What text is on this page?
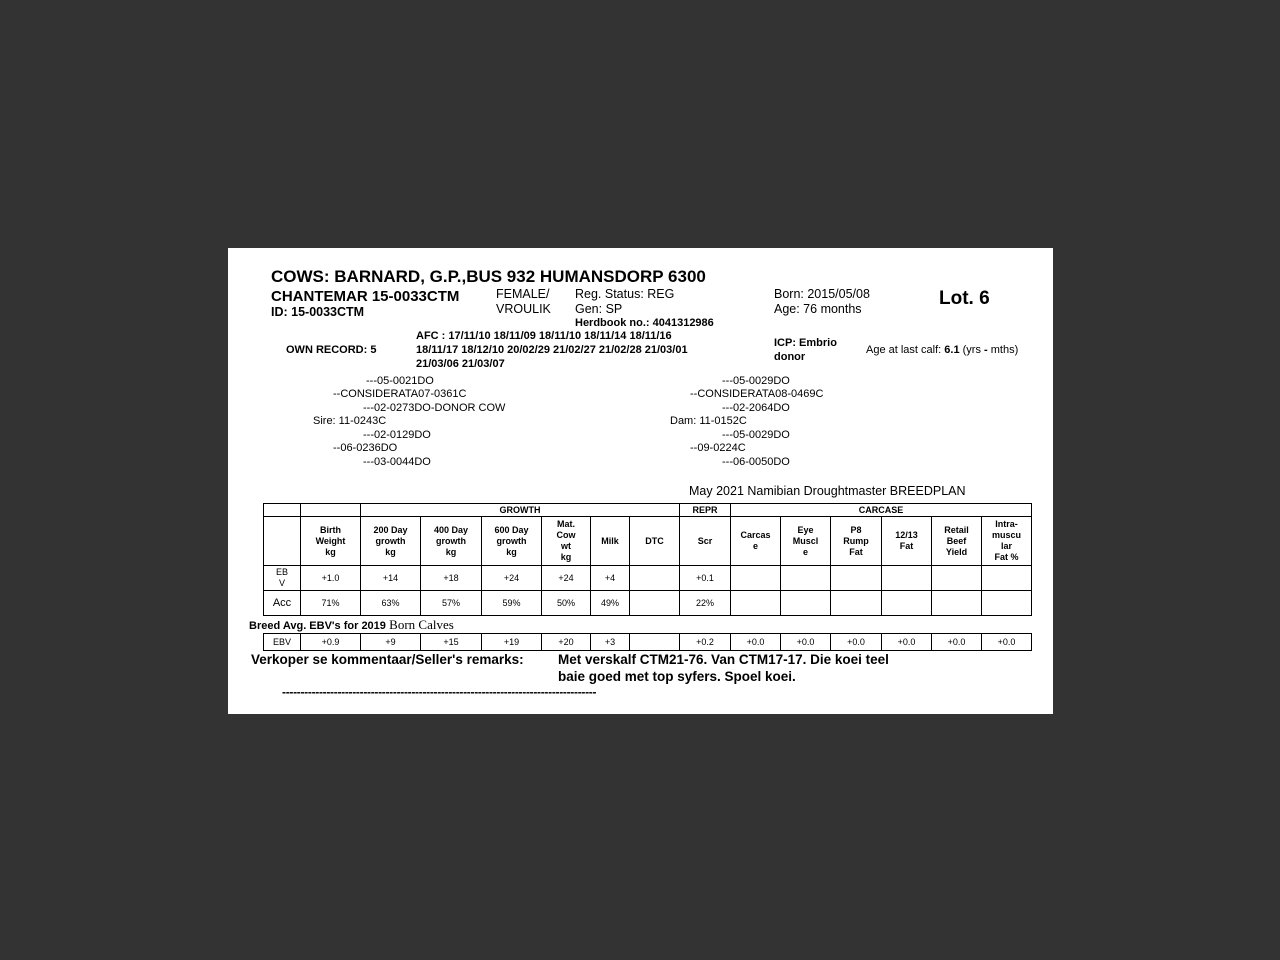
COWS: BARNARD, G.P.,BUS 932 HUMANSDORP 6300
CHANTEMAR 15-0033CTM
ID: 15-0033CTM
FEMALE/
VROULIK
Reg. Status: REG
Gen: SP
Herdbook no.: 4041312986
Born: 2015/05/08
Age: 76 months	Lot. 6
OWN RECORD: 5
AFC : 17/11/10 18/11/09 18/11/10 18/11/14 18/11/16
18/11/17 18/12/10 20/02/29 21/02/27 21/02/28 21/03/01
21/03/06 21/03/07
ICP: Embrio
donor
Age at last calf: 6.1 (yrs - mths)
---05-0021DO
--CONSIDERATA07-0361C
---02-0273DO-DONOR COW
Sire: 11-0243C
---02-0129DO
--06-0236DO
---03-0044DO
---05-0029DO
--CONSIDERATA08-0469C
---02-2064DO
Dam: 11-0152C
---05-0029DO
--09-0224C
---06-0050DO
May 2021 Namibian Droughtmaster BREEDPLAN
		GROWTH						REPR	CARCASE					
	Birth
Weight
kg	200 Day
growth
kg	400 Day
growth
kg	600 Day
growth
kg	Mat.
Cow
wt
kg	Milk	DTC	Scr	Carcas
e	Eye
Muscl
e	P8
Rump
Fat	12/13
Fat	Retail
Beef
Yield	Intra-
muscu
lar
Fat %
EB
V	+1.0	+14	+18	+24	+24	+4		+0.1						
Acc	71%	63%	57%	59%	50%	49%		22%						
Breed Avg. EBV's for 2019 Born Calves
EBV	+0.9	+9	+15	+19	+20	+3		+0.2	+0.0	+0.0	+0.0	+0.0	+0.0	+0.0
Verkoper se kommentaar/Seller's remarks:	Met verskalf CTM21-76. Van CTM17-17. Die koei teel
baie goed met top syfers. Spoel koei.
-------------------------------------------------------------------------------------
